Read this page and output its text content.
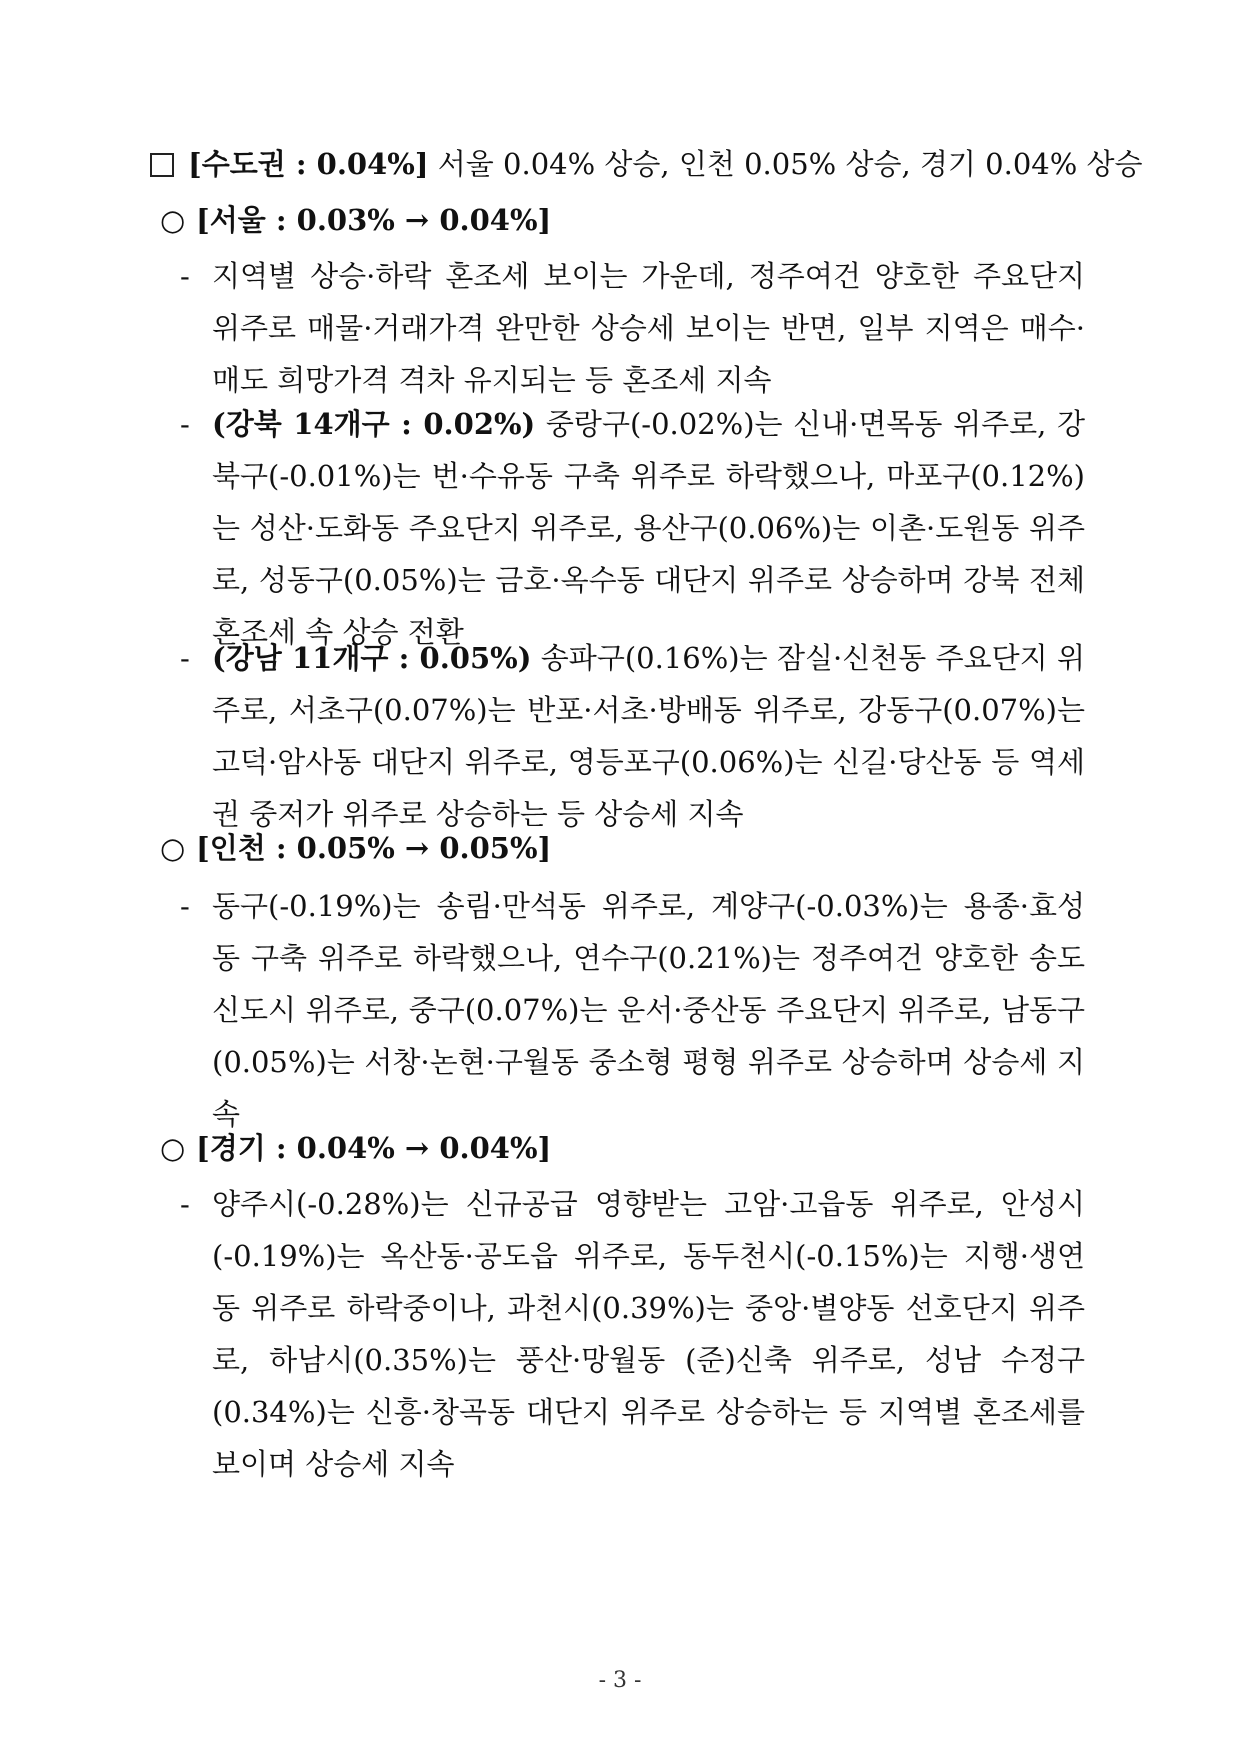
[수도권 : 0.04%] 서울 0.04% 상승, 인천 0.05% 상승, 경기 0.04% 상승
○ [서울 : 0.03% → 0.04%]
- 지역별 상승·하락 혼조세 보이는 가운데, 정주여건 양호한 주요단지 위주로 매물·거래가격 완만한 상승세 보이는 반면, 일부 지역은 매수·매도 희망가격 격차 유지되는 등 혼조세 지속
- (강북 14개구 : 0.02%) 중랑구(-0.02%)는 신내·면목동 위주로, 강북구(-0.01%)는 번·수유동 구축 위주로 하락했으나, 마포구(0.12%)는 성산·도화동 주요단지 위주로, 용산구(0.06%)는 이촌·도원동 위주로, 성동구(0.05%)는 금호·옥수동 대단지 위주로 상승하며 강북 전체 혼조세 속 상승 전환
- (강남 11개구 : 0.05%) 송파구(0.16%)는 잠실·신천동 주요단지 위주로, 서초구(0.07%)는 반포·서초·방배동 위주로, 강동구(0.07%)는 고덕·암사동 대단지 위주로, 영등포구(0.06%)는 신길·당산동 등 역세권 중저가 위주로 상승하는 등 상승세 지속
○ [인천 : 0.05% → 0.05%]
- 동구(-0.19%)는 송림·만석동 위주로, 계양구(-0.03%)는 용종·효성동 구축 위주로 하락했으나, 연수구(0.21%)는 정주여건 양호한 송도신도시 위주로, 중구(0.07%)는 운서·중산동 주요단지 위주로, 남동구(0.05%)는 서창·논현·구월동 중소형 평형 위주로 상승하며 상승세 지속
○ [경기 : 0.04% → 0.04%]
- 양주시(-0.28%)는 신규공급 영향받는 고암·고읍동 위주로, 안성시(-0.19%)는 옥산동·공도읍 위주로, 동두천시(-0.15%)는 지행·생연동 위주로 하락중이나, 과천시(0.39%)는 중앙·별양동 선호단지 위주로, 하남시(0.35%)는 풍산·망월동 (준)신축 위주로, 성남 수정구(0.34%)는 신흥·창곡동 대단지 위주로 상승하는 등 지역별 혼조세를 보이며 상승세 지속
- 3 -
